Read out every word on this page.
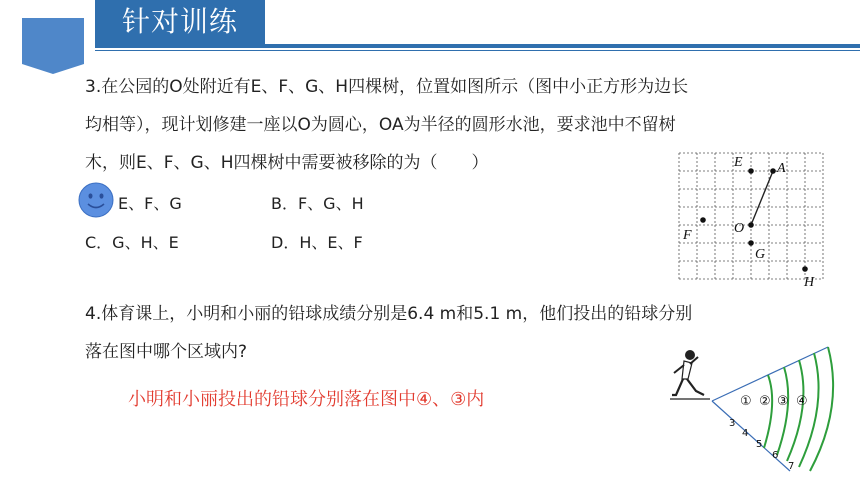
针对训练
3.在公园的O处附近有E、F、G、H四棵树，位置如图所示（图中小正方形为边长
均相等），现计划修建一座以O为圆心，OA为半径的圆形水池，要求池中不留树
木，则E、F、G、H四棵树中需要被移除的为（　　）
E、F、G	B．F、G、H
C．G、H、E	D．H、E、F
E A
O
F
G
H
4.体育课上，小明和小丽的铅球成绩分别是6.4 m和5.1 m，他们投出的铅球分别
落在图中哪个区域内?
小明和小丽投出的铅球分别落在图中④、③内	① ② ③ ④
3
4
5
6
7
